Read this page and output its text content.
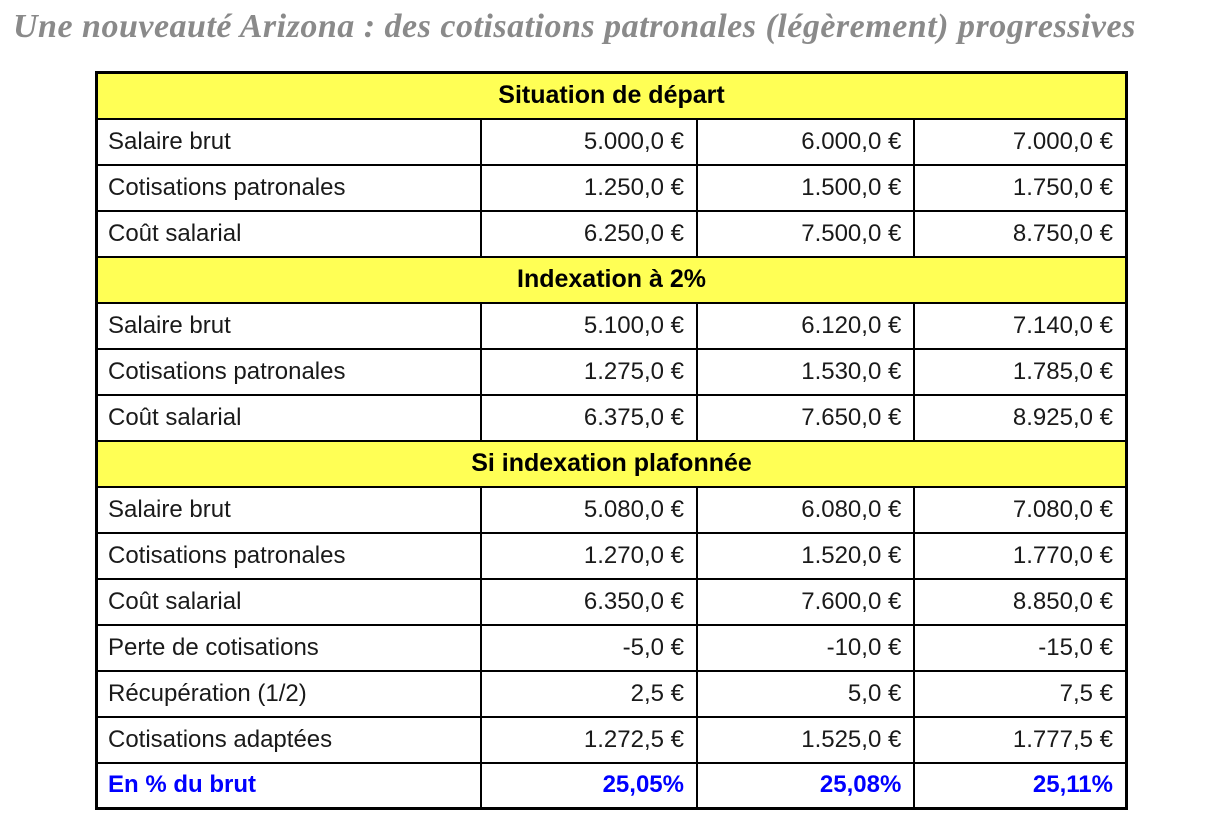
Une nouveauté Arizona : des cotisations patronales (légèrement) progressives
Situation de départ			
Salaire brut	5.000,0 €	6.000,0 €	7.000,0 €
Cotisations patronales	1.250,0 €	1.500,0 €	1.750,0 €
Coût salarial	6.250,0 €	7.500,0 €	8.750,0 €
Indexation à 2%			
Salaire brut	5.100,0 €	6.120,0 €	7.140,0 €
Cotisations patronales	1.275,0 €	1.530,0 €	1.785,0 €
Coût salarial	6.375,0 €	7.650,0 €	8.925,0 €
Si indexation plafonnée			
Salaire brut	5.080,0 €	6.080,0 €	7.080,0 €
Cotisations patronales	1.270,0 €	1.520,0 €	1.770,0 €
Coût salarial	6.350,0 €	7.600,0 €	8.850,0 €
Perte de cotisations	-5,0 €	-10,0 €	-15,0 €
Récupération (1/2)	2,5 €	5,0 €	7,5 €
Cotisations adaptées	1.272,5 €	1.525,0 €	1.777,5 €
En % du brut	25,05%	25,08%	25,11%
